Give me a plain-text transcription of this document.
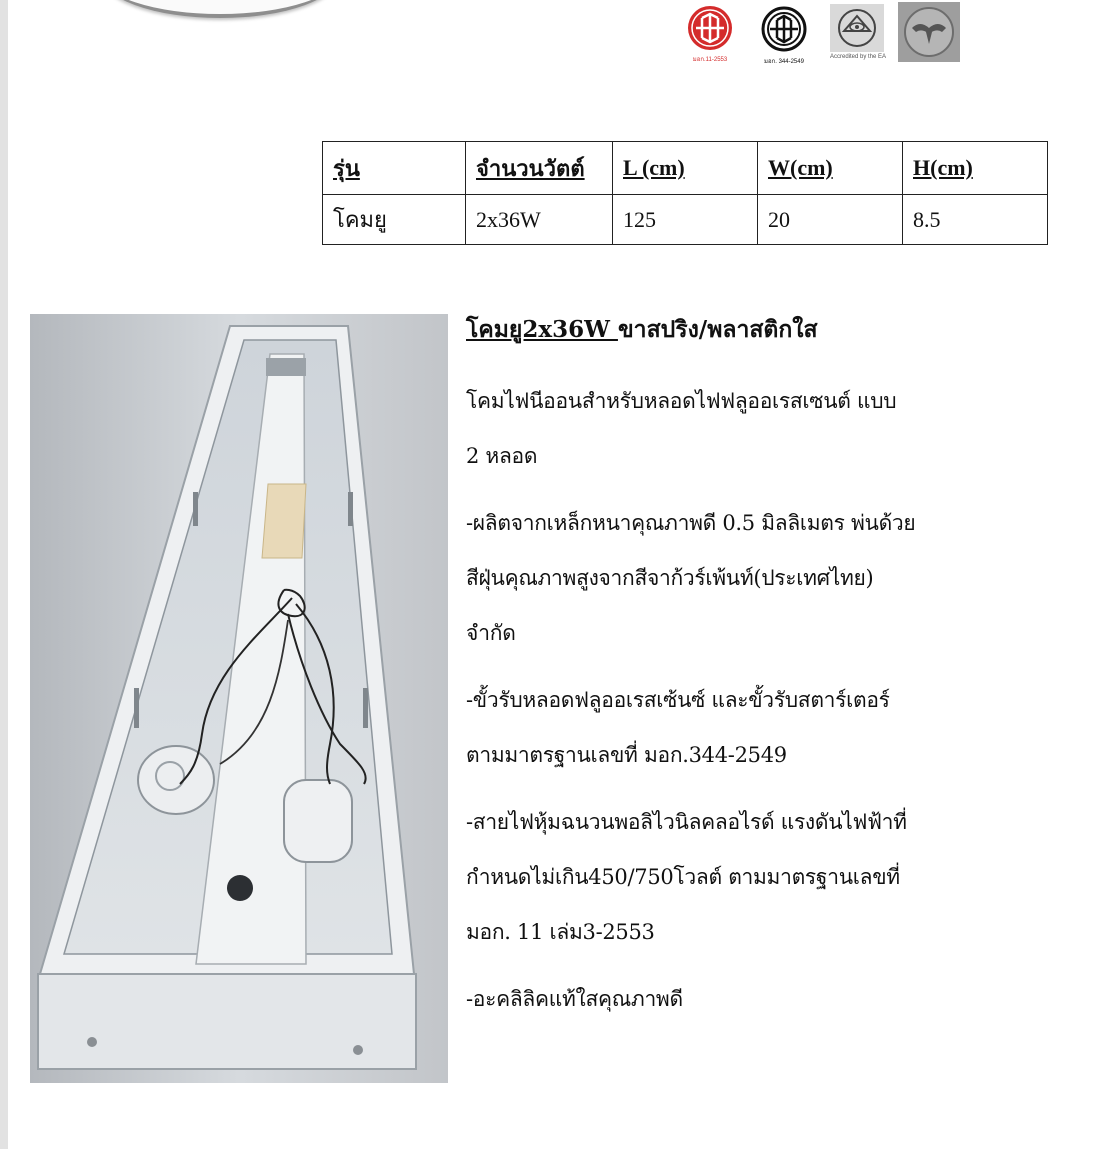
มอก.11-2553	มอก. 344-2549
Accredited by the EA
รุ่น	จำนวนวัตต์	L (cm)	W(cm)	H(cm)
โคมยู	2x36W	125	20	8.5
โคมยู2x36W ขาสปริง/พลาสติกใส

โคมไฟนีออนสำหรับหลอดไฟฟลูออเรสเซนต์ แบบ
2 หลอด

-ผลิตจากเหล็กหนาคุณภาพดี 0.5 มิลลิเมตร พ่นด้วย
สีฝุ่นคุณภาพสูงจากสีจาก้วร์เพ้นท์(ประเทศไทย)
จำกัด

-ขั้วรับหลอดฟลูออเรสเซ้นซ์ และขั้วรับสตาร์เตอร์
ตามมาตรฐานเลขที่ มอก.344-2549

-สายไฟหุ้มฉนวนพอลิไวนิลคลอไรด์ แรงดันไฟฟ้าที่
กำหนดไม่เกิน450/750โวลต์ ตามมาตรฐานเลขที่
มอก. 11 เล่ม3-2553

-อะคลิลิคแท้ใสคุณภาพดี
